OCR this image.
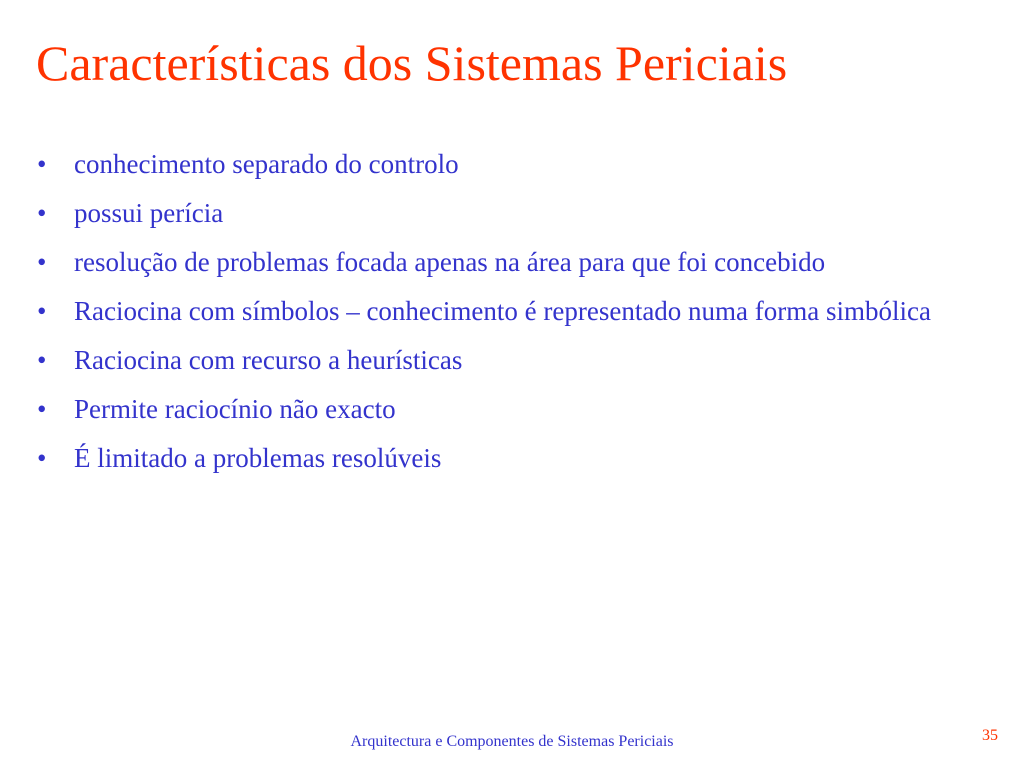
Características dos Sistemas Periciais
•	conhecimento separado do controlo
•	possui perícia
•	resolução de problemas focada apenas na área para que foi concebido
•	Raciocina com símbolos – conhecimento é representado numa forma simbólica
•	Raciocina com recurso a heurísticas
•	Permite raciocínio não exacto
•	É limitado a problemas resolúveis
Arquitectura e Componentes de Sistemas Periciais	35
